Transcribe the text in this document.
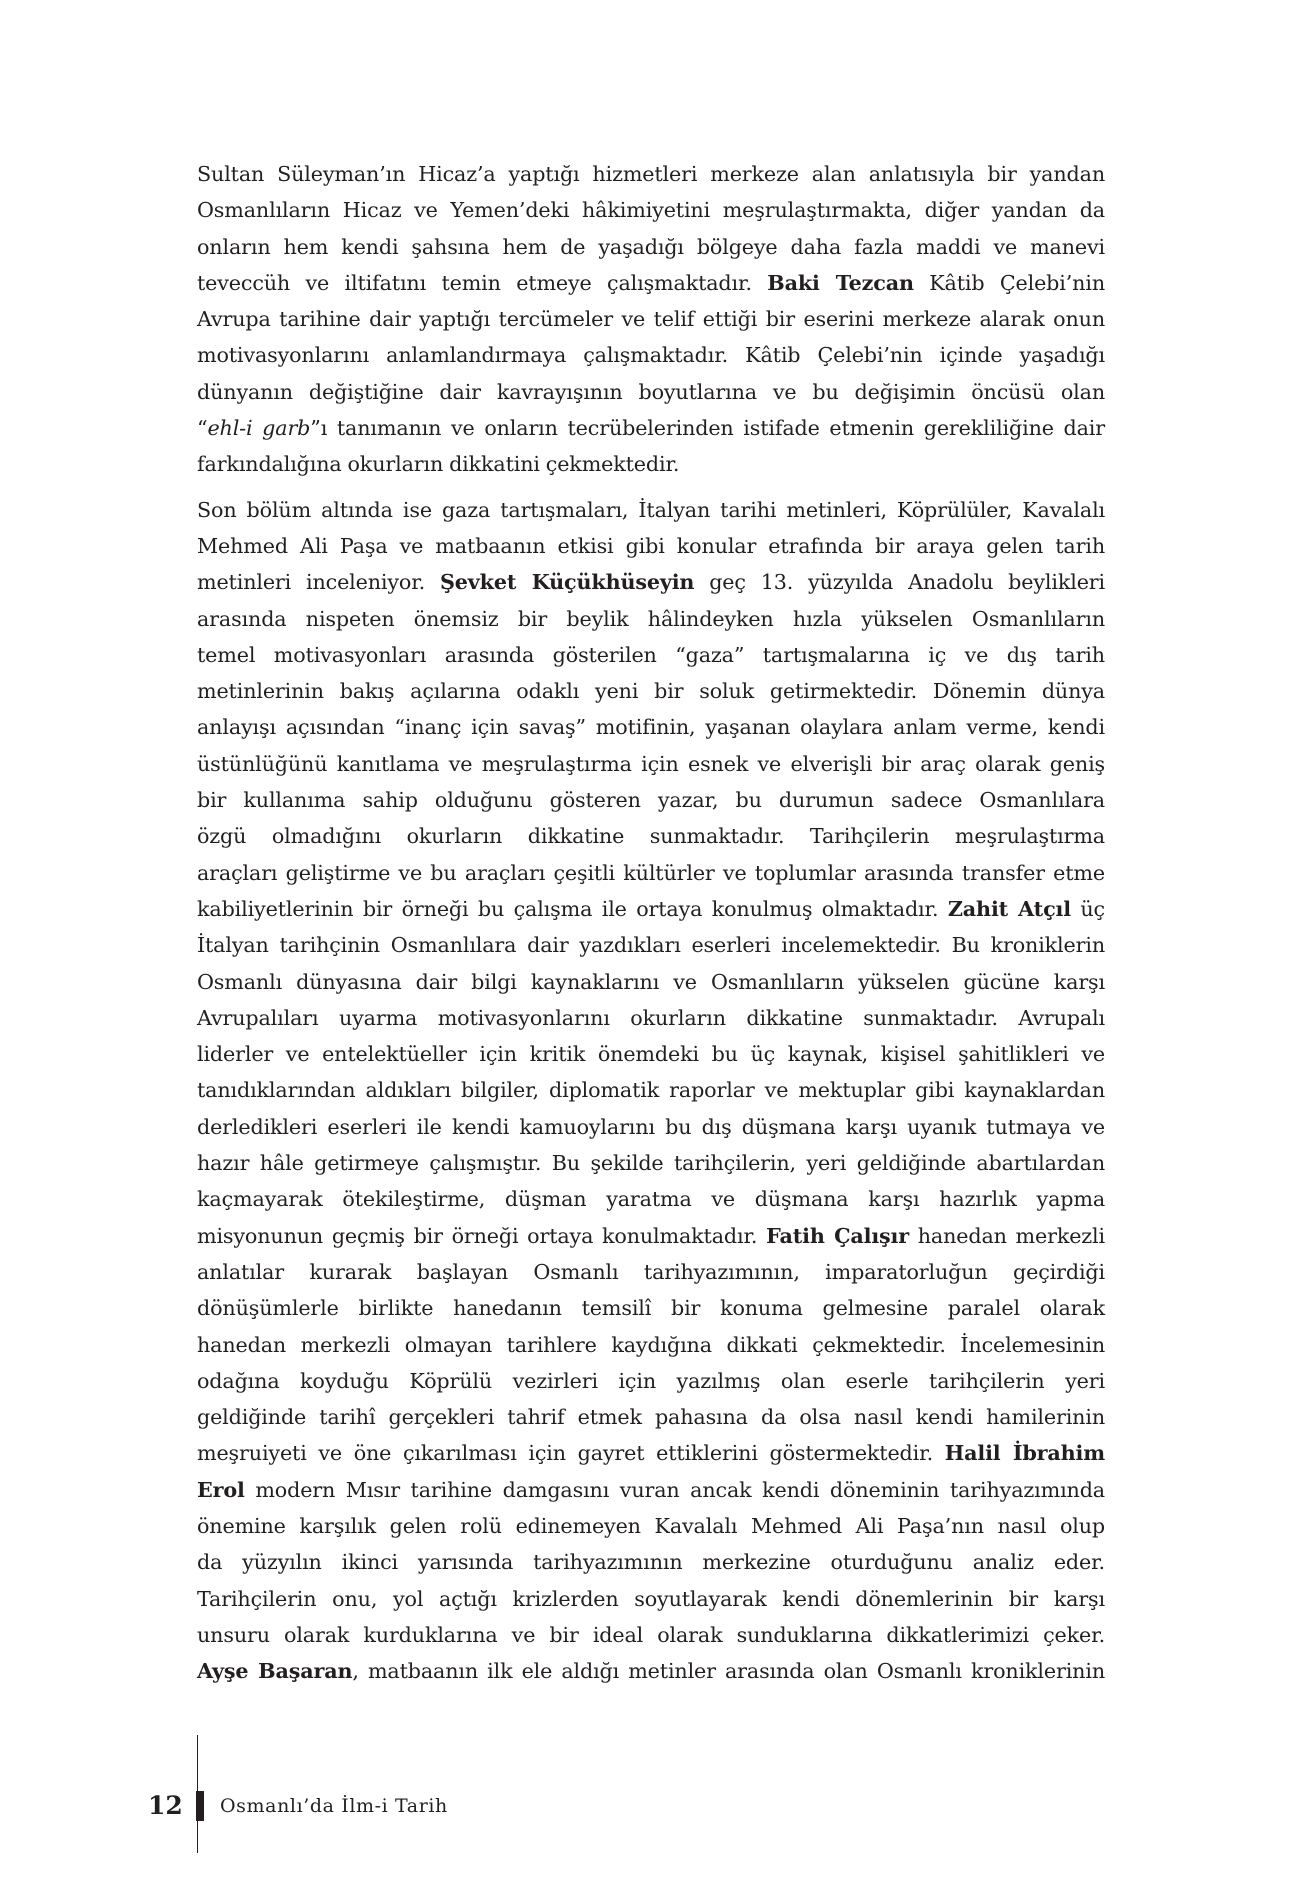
Sultan Süleyman’ın Hicaz’a yaptığı hizmetleri merkeze alan anlatısıyla bir yandan
Osmanlıların Hicaz ve Yemen’deki hâkimiyetini meşrulaştırmakta, diğer yandan da
onların hem kendi şahsına hem de yaşadığı bölgeye daha fazla maddi ve manevi
teveccüh ve iltifatını temin etmeye çalışmaktadır. Baki Tezcan Kâtib Çelebi’nin
Avrupa tarihine dair yaptığı tercümeler ve telif ettiği bir eserini merkeze alarak onun
motivasyonlarını anlamlandırmaya çalışmaktadır. Kâtib Çelebi’nin içinde yaşadığı
dünyanın değiştiğine dair kavrayışının boyutlarına ve bu değişimin öncüsü olan
“ehl-i garb”ı tanımanın ve onların tecrübelerinden istifade etmenin gerekliliğine dair
farkındalığına okurların dikkatini çekmektedir.
Son bölüm altında ise gaza tartışmaları, İtalyan tarihi metinleri, Köprülüler, Kavalalı
Mehmed Ali Paşa ve matbaanın etkisi gibi konular etrafında bir araya gelen tarih
metinleri inceleniyor. Şevket Küçükhüseyin geç 13. yüzyılda Anadolu beylikleri
arasında nispeten önemsiz bir beylik hâlindeyken hızla yükselen Osmanlıların
temel motivasyonları arasında gösterilen “gaza” tartışmalarına iç ve dış tarih
metinlerinin bakış açılarına odaklı yeni bir soluk getirmektedir. Dönemin dünya
anlayışı açısından “inanç için savaş” motifinin, yaşanan olaylara anlam verme, kendi
üstünlüğünü kanıtlama ve meşrulaştırma için esnek ve elverişli bir araç olarak geniş
bir kullanıma sahip olduğunu gösteren yazar, bu durumun sadece Osmanlılara
özgü olmadığını okurların dikkatine sunmaktadır. Tarihçilerin meşrulaştırma
araçları geliştirme ve bu araçları çeşitli kültürler ve toplumlar arasında transfer etme
kabiliyetlerinin bir örneği bu çalışma ile ortaya konulmuş olmaktadır. Zahit Atçıl üç
İtalyan tarihçinin Osmanlılara dair yazdıkları eserleri incelemektedir. Bu kroniklerin
Osmanlı dünyasına dair bilgi kaynaklarını ve Osmanlıların yükselen gücüne karşı
Avrupalıları uyarma motivasyonlarını okurların dikkatine sunmaktadır. Avrupalı
liderler ve entelektüeller için kritik önemdeki bu üç kaynak, kişisel şahitlikleri ve
tanıdıklarından aldıkları bilgiler, diplomatik raporlar ve mektuplar gibi kaynaklardan
derledikleri eserleri ile kendi kamuoylarını bu dış düşmana karşı uyanık tutmaya ve
hazır hâle getirmeye çalışmıştır. Bu şekilde tarihçilerin, yeri geldiğinde abartılardan
kaçmayarak ötekileştirme, düşman yaratma ve düşmana karşı hazırlık yapma
misyonunun geçmiş bir örneği ortaya konulmaktadır. Fatih Çalışır hanedan merkezli
anlatılar kurarak başlayan Osmanlı tarihyazımının, imparatorluğun geçirdiği
dönüşümlerle birlikte hanedanın temsilî bir konuma gelmesine paralel olarak
hanedan merkezli olmayan tarihlere kaydığına dikkati çekmektedir. İncelemesinin
odağına koyduğu Köprülü vezirleri için yazılmış olan eserle tarihçilerin yeri
geldiğinde tarihî gerçekleri tahrif etmek pahasına da olsa nasıl kendi hamilerinin
meşruiyeti ve öne çıkarılması için gayret ettiklerini göstermektedir. Halil İbrahim
Erol modern Mısır tarihine damgasını vuran ancak kendi döneminin tarihyazımında
önemine karşılık gelen rolü edinemeyen Kavalalı Mehmed Ali Paşa’nın nasıl olup
da yüzyılın ikinci yarısında tarihyazımının merkezine oturduğunu analiz eder.
Tarihçilerin onu, yol açtığı krizlerden soyutlayarak kendi dönemlerinin bir karşı
unsuru olarak kurduklarına ve bir ideal olarak sunduklarına dikkatlerimizi çeker.
Ayşe Başaran, matbaanın ilk ele aldığı metinler arasında olan Osmanlı kroniklerinin
12 Osmanlı’da İlm-i Tarih
